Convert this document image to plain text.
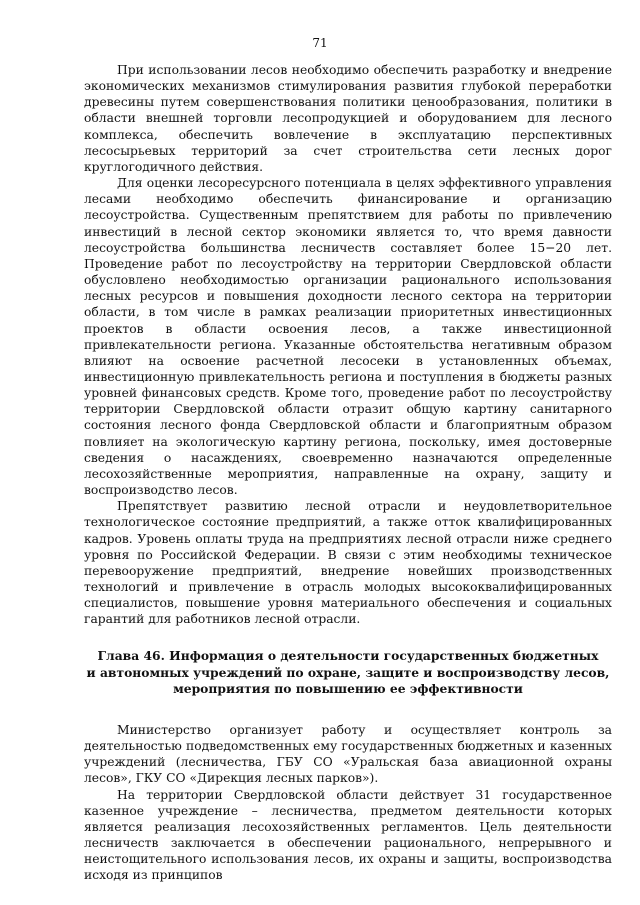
71

При использовании лесов необходимо обеспечить разработку и внедрение экономических механизмов стимулирования развития глубокой переработки древесины путем совершенствования политики ценообразования, политики в области внешней торговли лесопродукцией и оборудованием для лесного комплекса, обеспечить вовлечение в эксплуатацию перспективных лесосырьевых территорий за счет строительства сети лесных дорог круглогодичного действия.

Для оценки лесоресурсного потенциала в целях эффективного управления лесами необходимо обеспечить финансирование и организацию лесоустройства. Существенным препятствием для работы по привлечению инвестиций в лесной сектор экономики является то, что время давности лесоустройства большинства лесничеств составляет более 15−20 лет. Проведение работ по лесоустройству на территории Свердловской области обусловлено необходимостью организации рационального использования лесных ресурсов и повышения доходности лесного сектора на территории области, в том числе в рамках реализации приоритетных инвестиционных проектов в области освоения лесов, а также инвестиционной привлекательности региона. Указанные обстоятельства негативным образом влияют на освоение расчетной лесосеки в установленных объемах, инвестиционную привлекательность региона и поступления в бюджеты разных уровней финансовых средств. Кроме того, проведение работ по лесоустройству территории Свердловской области отразит общую картину санитарного состояния лесного фонда Свердловской области и благоприятным образом повлияет на экологическую картину региона, поскольку, имея достоверные сведения о насаждениях, своевременно назначаются определенные лесохозяйственные мероприятия, направленные на охрану, защиту и воспроизводство лесов.

Препятствует развитию лесной отрасли и неудовлетворительное технологическое состояние предприятий, а также отток квалифицированных кадров. Уровень оплаты труда на предприятиях лесной отрасли ниже среднего уровня по Российской Федерации. В связи с этим необходимы техническое перевооружение предприятий, внедрение новейших производственных технологий и привлечение в отрасль молодых высококвалифицированных специалистов, повышение уровня материального обеспечения и социальных гарантий для работников лесной отрасли.

Глава 46. Информация о деятельности государственных бюджетных
и автономных учреждений по охране, защите и воспроизводству лесов,
мероприятия по повышению ее эффективности

Министерство организует работу и осуществляет контроль за деятельностью подведомственных ему государственных бюджетных и казенных учреждений (лесничества, ГБУ СО «Уральская база авиационной охраны лесов», ГКУ СО «Дирекция лесных парков»).

На территории Свердловской области действует 31 государственное казенное учреждение – лесничества, предметом деятельности которых является реализация лесохозяйственных регламентов. Цель деятельности лесничеств заключается в обеспечении рационального, непрерывного и неистощительного использования лесов, их охраны и защиты, воспроизводства исходя из принципов
